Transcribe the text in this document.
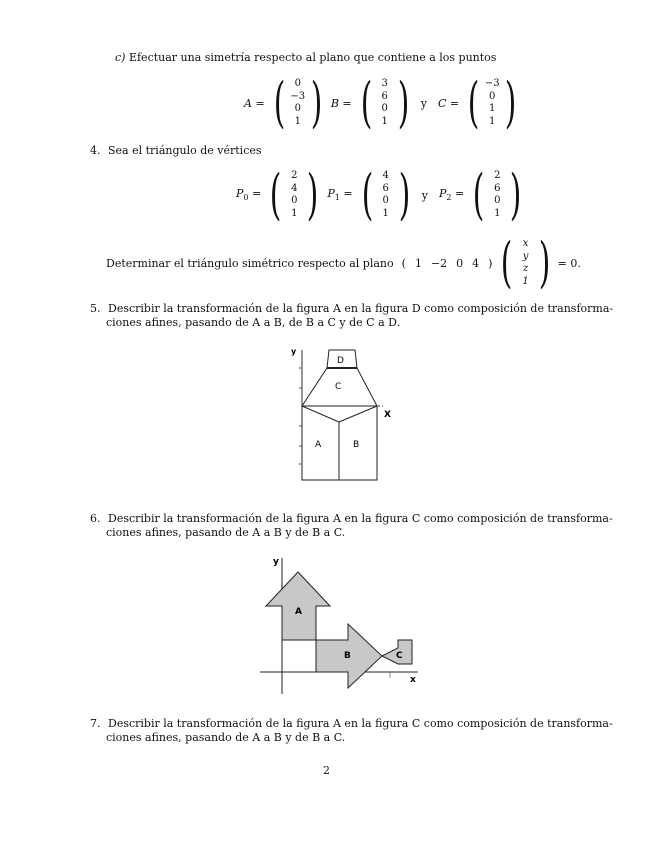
c) Efectuar una simetría respecto al plano que contiene a los puntos
A = ( 0
−3
0
1 ) B = ( 3
6
0
1 ) y C = ( −3
0
1
1 )
4. Sea el triángulo de vértices
$P_0$ = ( 2
4
0
1 ) $P_1$ = ( 4
6
0
1 ) y $P_2$ = ( 2
6
0
1 )
Determinar el triángulo simétrico respecto al plano ( 1 −2 0 4 ) ( x
y
z
1 ) = 0.
5. Describir la transformación de la figura A en la figura D como composición de transforma-
ciones afines, pasando de A a B, de B a C y de C a D.
D
C
A	B
X
y
6. Describir la transformación de la figura A en la figura C como composición de transforma-
ciones afines, pasando de A a B y de B a C.
A
B	C
x
y
7. Describir la transformación de la figura A en la figura C como composición de transforma-
ciones afines, pasando de A a B y de B a C.
2
